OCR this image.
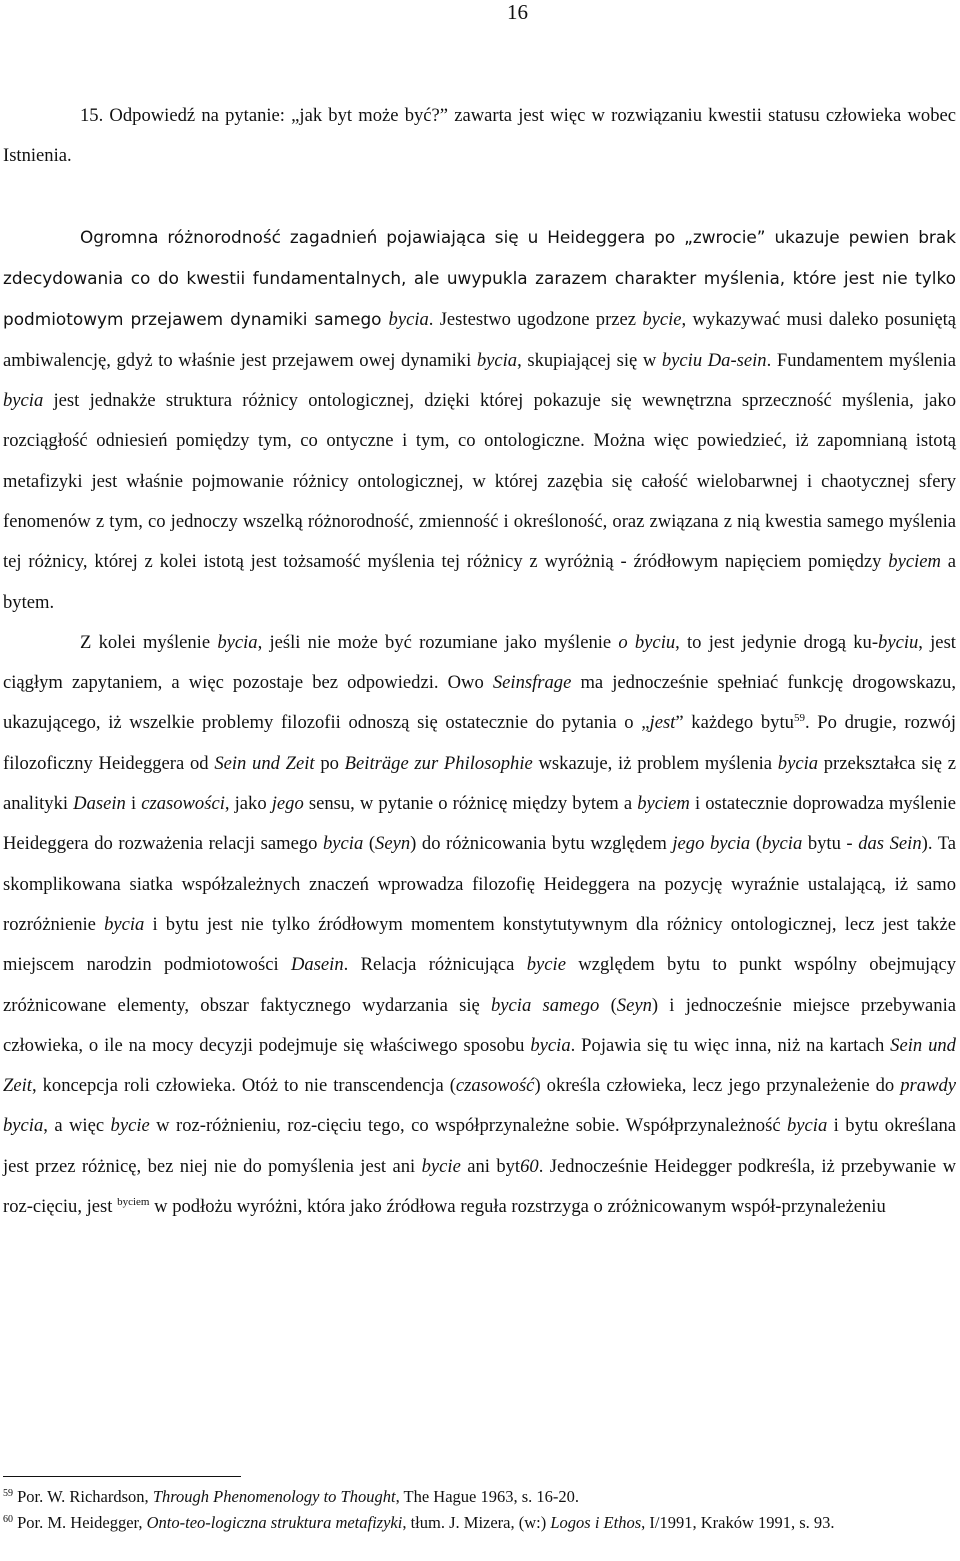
16

15. Odpowiedź na pytanie: „jak byt może być?” zawarta jest więc w rozwiązaniu kwestii statusu człowieka wobec Istnienia.

Ogromna różnorodność zagadnień pojawiająca się u Heideggera po „zwrocie” ukazuje pewien brak zdecydowania co do kwestii fundamentalnych, ale uwypukla zarazem charakter myślenia, które jest nie tylko podmiotowym przejawem dynamiki samego bycia. Jestestwo ugodzone przez bycie, wykazywać musi daleko posuniętą ambiwalencję, gdyż to właśnie jest przejawem owej dynamiki bycia, skupiającej się w byciu Da-sein. Fundamentem myślenia bycia jest jednakże struktura różnicy ontologicznej, dzięki której pokazuje się wewnętrzna sprzeczność myślenia, jako rozciągłość odniesień pomiędzy tym, co ontyczne i tym, co ontologiczne. Można więc powiedzieć, iż zapomnianą istotą metafizyki jest właśnie pojmowanie różnicy ontologicznej, w której zazębia się całość wielobarwnej i chaotycznej sfery fenomenów z tym, co jednoczy wszelką różnorodność, zmienność i określoność, oraz związana z nią kwestia samego myślenia tej różnicy, której z kolei istotą jest tożsamość myślenia tej różnicy z wyróżnią - źródłowym napięciem pomiędzy byciem a bytem.

Z kolei myślenie bycia, jeśli nie może być rozumiane jako myślenie o byciu, to jest jedynie drogą ku-byciu, jest ciągłym zapytaniem, a więc pozostaje bez odpowiedzi. Owo Seinsfrage ma jednocześnie spełniać funkcję drogowskazu, ukazującego, iż wszelkie problemy filozofii odnoszą się ostatecznie do pytania o „jest” każdego bytu$^{59}$. Po drugie, rozwój filozoficzny Heideggera od Sein und Zeit po Beiträge zur Philosophie wskazuje, iż problem myślenia bycia przekształca się z analityki Dasein i czasowości, jako jego sensu, w pytanie o różnicę między bytem a byciem i ostatecznie doprowadza myślenie Heideggera do rozważenia relacji samego bycia (Seyn) do różnicowania bytu względem jego bycia (bycia bytu - das Sein). Ta skomplikowana siatka współzależnych znaczeń wprowadza filozofię Heideggera na pozycję wyraźnie ustalającą, iż samo rozróżnienie bycia i bytu jest nie tylko źródłowym momentem konstytutywnym dla różnicy ontologicznej, lecz jest także miejscem narodzin podmiotowości Dasein. Relacja różnicująca bycie względem bytu to punkt wspólny obejmujący zróżnicowane elementy, obszar faktycznego wydarzania się bycia samego (Seyn) i jednocześnie miejsce przebywania człowieka, o ile na mocy decyzji podejmuje się właściwego sposobu bycia. Pojawia się tu więc inna, niż na kartach Sein und Zeit, koncepcja roli człowieka. Otóż to nie transcendencja (czasowość) określa człowieka, lecz jego przynależenie do prawdy bycia, a więc bycie w roz-różnieniu, roz-cięciu tego, co współprzynależne sobie. Współprzynależność bycia i bytu określana jest przez różnicę, bez niej nie do pomyślenia jest ani bycie ani byt60. Jednocześnie Heidegger podkreśla, iż przebywanie w roz-cięciu, jest $^{byciem}$ w podłożu wyróżni, która jako źródłowa reguła rozstrzyga o zróżnicowanym współ-przynależeniu

$^{59}$ Por. W. Richardson, Through Phenomenology to Thought, The Hague 1963, s. 16-20.

$^{60}$ Por. M. Heidegger, Onto-teo-logiczna struktura metafizyki, tłum. J. Mizera, (w:) Logos i Ethos, I/1991, Kraków 1991, s. 93.
